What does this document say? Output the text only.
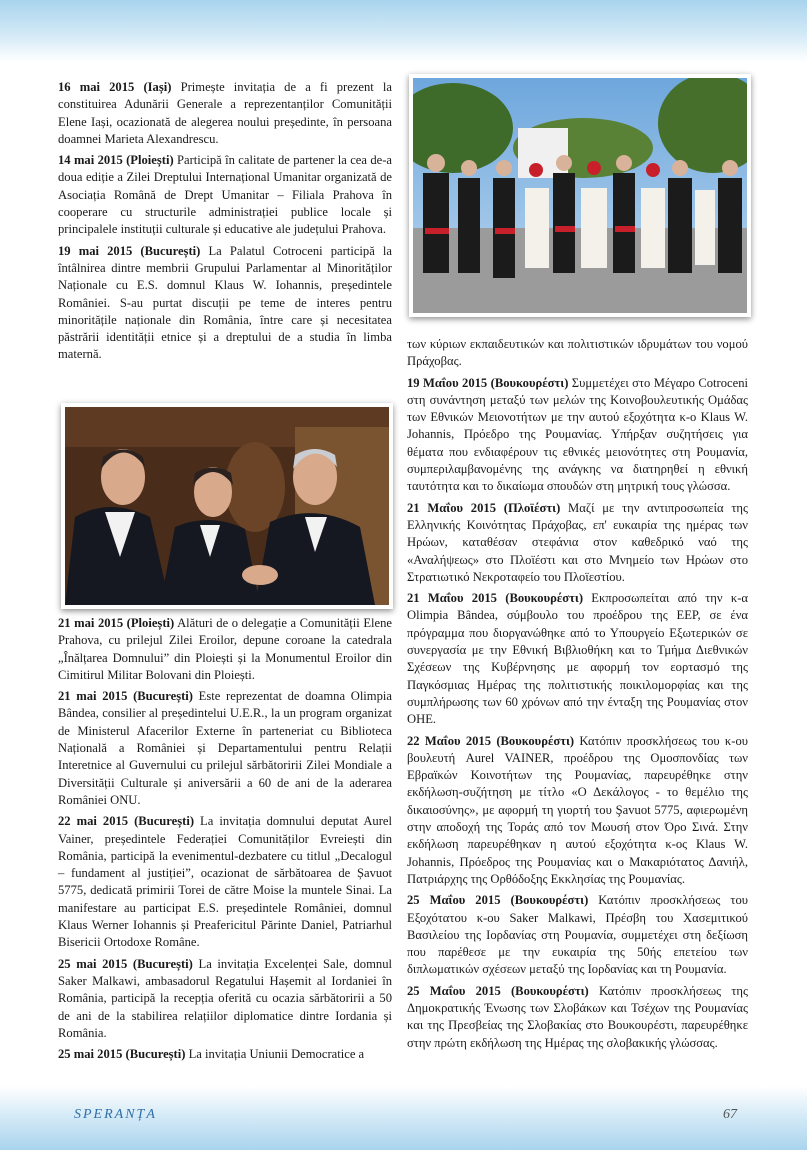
16 mai 2015 (Iași) Primește invitația de a fi prezent la constituirea Adunării Generale a reprezentanților Comunității Elene Iași, ocazionată de alegerea noului președinte, în persoana doamnei Marieta Alexandrescu.

14 mai 2015 (Ploiești) Participă în calitate de partener la cea de-a doua ediție a Zilei Dreptului Internațional Umanitar organizată de Asociația Română de Drept Umanitar – Filiala Prahova în cooperare cu structurile administrației publice locale și principalele instituții culturale și educative ale județului Prahova.

19 mai 2015 (București) La Palatul Cotroceni participă la întâlnirea dintre membrii Grupului Parlamentar al Minorităților Naționale cu E.S. domnul Klaus W. Iohannis, președintele României. S-au purtat discuții pe teme de interes pentru minoritățile naționale din România, între care și necesitatea păstrării identității etnice și a dreptului de a studia în limba maternă.

21 mai 2015 (Ploiești) Alături de o delegație a Comunității Elene Prahova, cu prilejul Zilei Eroilor, depune coroane la catedrala „Înălțarea Domnului” din Ploiești și la Monumentul Eroilor din Cimitirul Militar Bolovani din Ploiești.

21 mai 2015 (București) Este reprezentat de doamna Olimpia Bândea, consilier al președintelui U.E.R., la un program organizat de Ministerul Afacerilor Externe în parteneriat cu Biblioteca Națională a României și Departamentului pentru Relații Interetnice al Guvernului cu prilejul sărbătoririi Zilei Mondiale a Diversității Culturale și aniversării a 60 de ani de la aderarea României ONU.

22 mai 2015 (București) La invitația domnului deputat Aurel Vainer, președintele Federației Comunităților Evreiești din România, participă la evenimentul-dezbatere cu titlul „Decalogul – fundament al justiției”, ocazionat de sărbătoarea de Șavuot 5775, dedicată primirii Torei de către Moise la muntele Sinai. La manifestare au participat E.S. președintele României, domnul Klaus Werner Iohannis și Preafericitul Părinte Daniel, Patriarhul Bisericii Ortodoxe Române.

25 mai 2015 (București) La invitația Excelenței Sale, domnul Saker Malkawi, ambasadorul Regatului Hașemit al Iordaniei în România, participă la recepția oferită cu ocazia sărbătoririi a 50 de ani de la stabilirea relațiilor diplomatice dintre Iordania și România.

25 mai 2015 (București) La invitația Uniunii Democratice a

των κύριων εκπαιδευτικών και πολιτιστικών ιδρυμάτων του νομού Πράχοβας.

19 Μαΐου 2015 (Βουκουρέστι) Συμμετέχει στο Μέγαρο Cotroceni στη συνάντηση μεταξύ των μελών της Κοινοβουλευτικής Ομάδας των Εθνικών Μειονοτήτων με την αυτού εξοχότητα κ-ο Klaus W. Johannis, Πρόεδρο της Ρουμανίας. Υπήρξαν συζητήσεις για θέματα που ενδιαφέρουν τις εθνικές μειονότητες στη Ρουμανία, συμπεριλαμβανομένης της ανάγκης να διατηρηθεί η εθνική ταυτότητα και το δικαίωμα σπουδών στη μητρική τους γλώσσα.

21 Μαΐου 2015 (Πλοϊέστι) Μαζί με την αντιπροσωπεία της Ελληνικής Κοινότητας Πράχοβας, επ' ευκαιρία της ημέρας των Ηρώων, καταθέσαν στεφάνια στον καθεδρικό ναό της «Αναλήψεως» στο Πλοϊέστι και στο Μνημείο των Ηρώων στο Στρατιωτικό Νεκροταφείο του Πλοϊεστίου.

21 Μαΐου 2015 (Βουκουρέστι) Εκπροσωπείται από την κ-α Olimpia Bândea, σύμβουλο του προέδρου της ΕΕΡ, σε ένα πρόγραμμα που διοργανώθηκε από το Υπουργείο Εξωτερικών σε συνεργασία με την Εθνική Βιβλιοθήκη και το Τμήμα Διεθνικών Σχέσεων της Κυβέρνησης με αφορμή τον εορτασμό της Παγκόσμιας Ημέρας της πολιτιστικής ποικιλομορφίας και της συμπλήρωσης των 60 χρόνων από την ένταξη της Ρουμανίας στον ΟΗΕ.

22 Μαΐου 2015 (Βουκουρέστι) Κατόπιν προσκλήσεως του κ-ου βουλευτή Aurel VAINER, προέδρου της Ομοσπονδίας των Εβραϊκών Κοινοτήτων της Ρουμανίας, παρευρέθηκε στην εκδήλωση-συζήτηση με τίτλο «Ο Δεκάλογος - το θεμέλιο της δικαιοσύνης», με αφορμή τη γιορτή του Şavuot 5775, αφιερωμένη στην αποδοχή της Τοράς από τον Μωυσή στον Όρο Σινά. Στην εκδήλωση παρευρέθηκαν η αυτού εξοχότητα κ-ος Klaus W. Johannis, Πρόεδρος της Ρουμανίας και ο Μακαριότατος Δανιήλ, Πατριάρχης της Ορθόδοξης Εκκλησίας της Ρουμανίας.

25 Μαΐου 2015 (Βουκουρέστι) Κατόπιν προσκλήσεως του Εξοχότατου κ-ου Saker Malkawi, Πρέσβη του Χασεμιτικού Βασιλείου της Ιορδανίας στη Ρουμανία, συμμετέχει στη δεξίωση που παρέθεσε με την ευκαιρία της 50ής επετείου των διπλωματικών σχέσεων μεταξύ της Ιορδανίας και τη Ρουμανία.

25 Μαΐου 2015 (Βουκουρέστι) Κατόπιν προσκλήσεως της Δημοκρατικής Ένωσης των Σλοβάκων και Τσέχων της Ρουμανίας και της Πρεσβείας της Σλοβακίας στο Βουκουρέστι, παρευρέθηκε στην πρώτη εκδήλωση της Ημέρας της σλοβακικής γλώσσας.

SPERANȚA	67
